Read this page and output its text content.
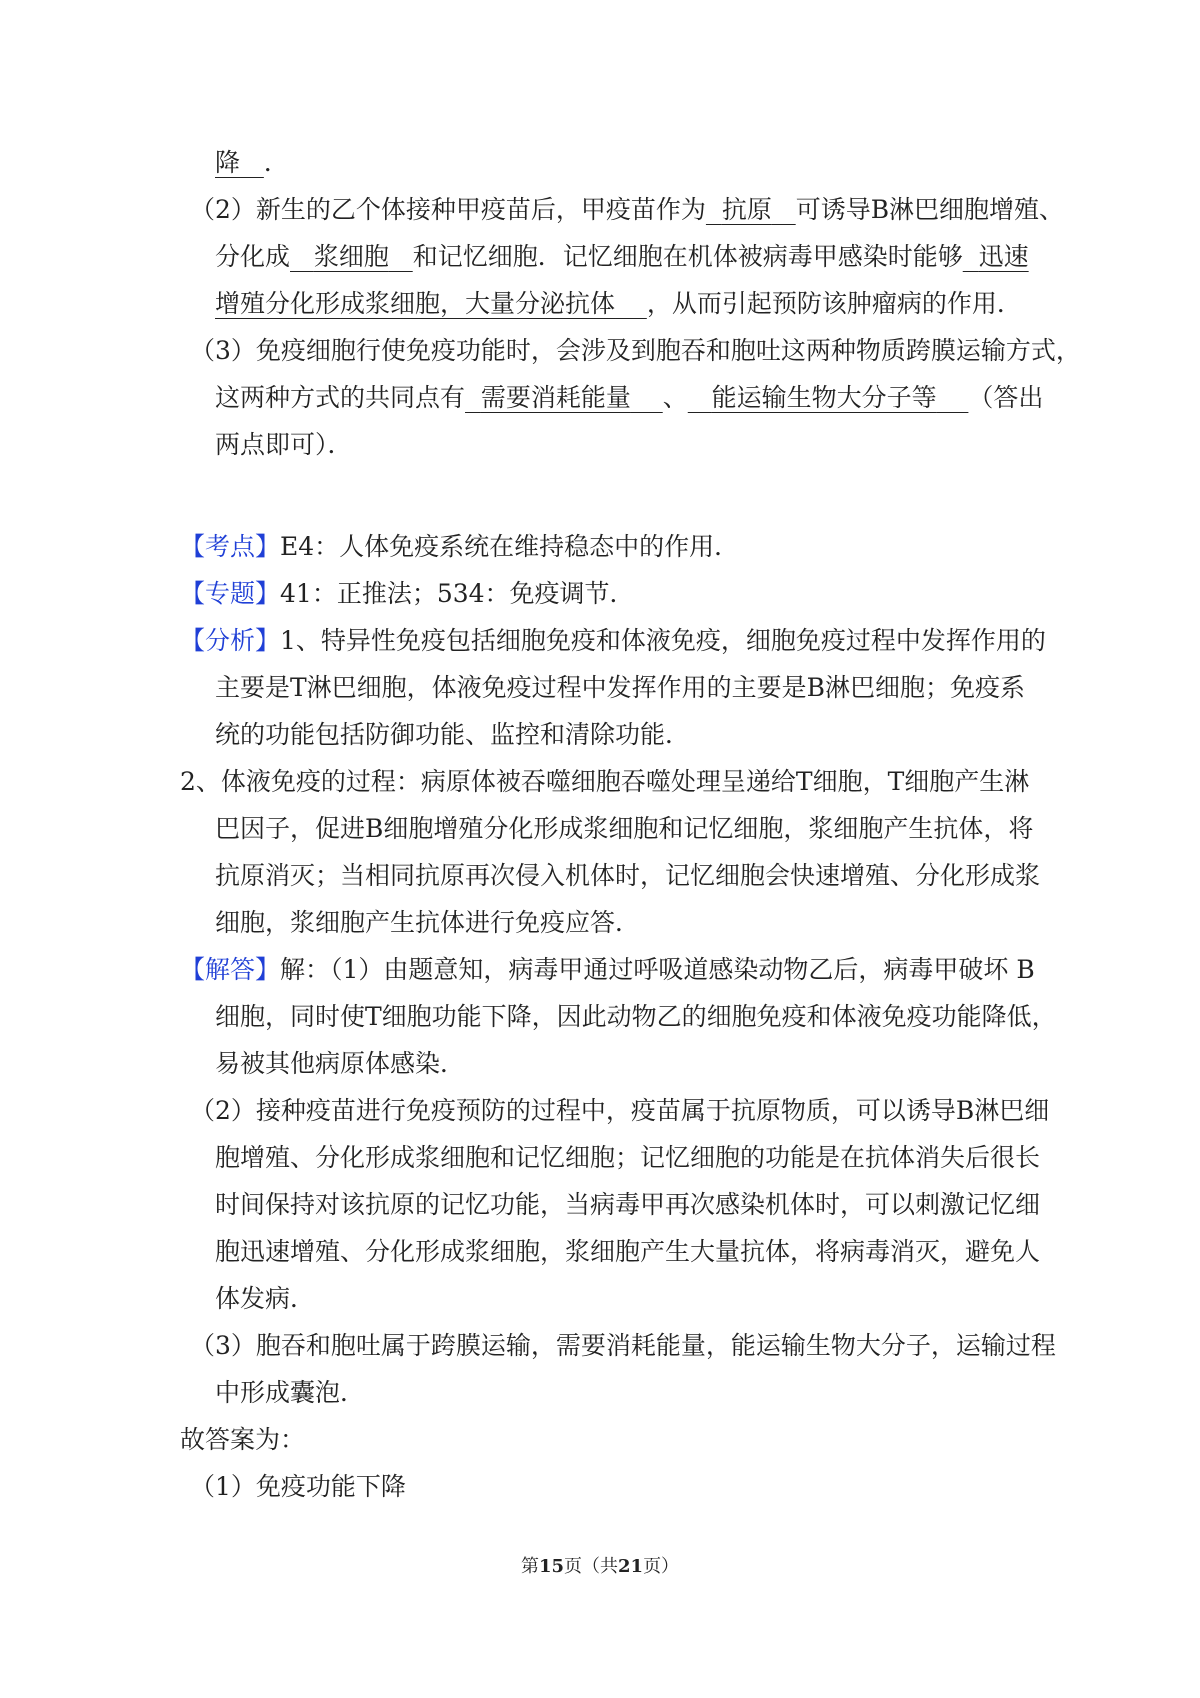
降 ．
（2）新生的乙个体接种甲疫苗后，甲疫苗作为 抗原 可诱导B淋巴细胞增殖、
分化成 浆细胞 和记忆细胞．记忆细胞在机体被病毒甲感染时能够 迅速
增殖分化形成浆细胞，大量分泌抗体 ，从而引起预防该肿瘤病的作用．
（3）免疫细胞行使免疫功能时，会涉及到胞吞和胞吐这两种物质跨膜运输方式，
这两种方式的共同点有 需要消耗能量 、 能运输生物大分子等 （答出
两点即可）．
【考点】E4：人体免疫系统在维持稳态中的作用．
【专题】41：正推法；534：免疫调节．
【分析】1、特异性免疫包括细胞免疫和体液免疫，细胞免疫过程中发挥作用的
主要是T淋巴细胞，体液免疫过程中发挥作用的主要是B淋巴细胞；免疫系
统的功能包括防御功能、监控和清除功能．
2、体液免疫的过程：病原体被吞噬细胞吞噬处理呈递给T细胞，T细胞产生淋
巴因子，促进B细胞增殖分化形成浆细胞和记忆细胞，浆细胞产生抗体，将
抗原消灭；当相同抗原再次侵入机体时，记忆细胞会快速增殖、分化形成浆
细胞，浆细胞产生抗体进行免疫应答．
【解答】解：（1）由题意知，病毒甲通过呼吸道感染动物乙后，病毒甲破坏 B
细胞，同时使T细胞功能下降，因此动物乙的细胞免疫和体液免疫功能降低，
易被其他病原体感染．
（2）接种疫苗进行免疫预防的过程中，疫苗属于抗原物质，可以诱导B淋巴细
胞增殖、分化形成浆细胞和记忆细胞；记忆细胞的功能是在抗体消失后很长
时间保持对该抗原的记忆功能，当病毒甲再次感染机体时，可以刺激记忆细
胞迅速增殖、分化形成浆细胞，浆细胞产生大量抗体，将病毒消灭，避免人
体发病．
（3）胞吞和胞吐属于跨膜运输，需要消耗能量，能运输生物大分子，运输过程
中形成囊泡．
故答案为：
（1）免疫功能下降
第15页（共21页）
